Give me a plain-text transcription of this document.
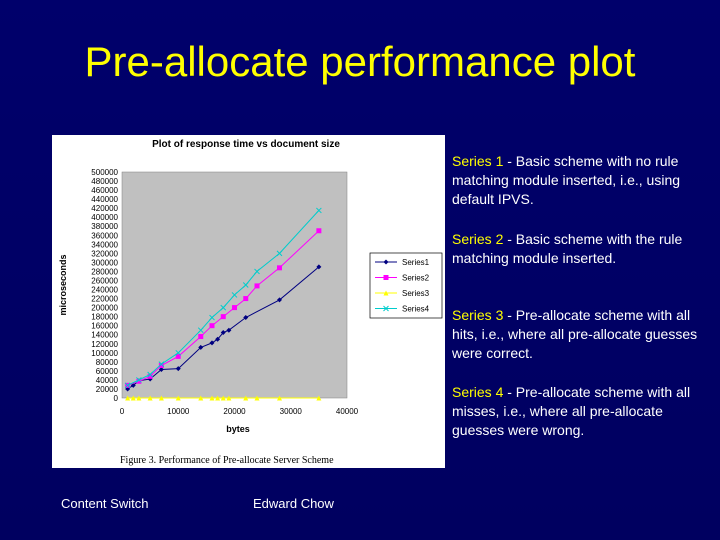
Pre-allocate performance plot
Plot of response time vs document size
0
20000
40000
60000
80000
100000
120000
140000
160000
180000
200000
220000
240000
260000
280000
300000
320000
340000
360000
380000
400000
420000
440000
460000
480000
500000
0	10000	20000	30000	40000
microseconds
bytes
Series1
Series2
Series3
Series4
Figure 3. Performance of Pre-allocate Server Scheme
Series 1 - Basic scheme with no rule matching module inserted, i.e., using default IPVS.
Series 2 - Basic scheme with the rule matching module inserted.
Series 3 - Pre-allocate scheme with all hits, i.e., where all pre-allocate guesses were correct.
Series 4 - Pre-allocate scheme with all misses, i.e., where all pre-allocate guesses were wrong.
Content Switch	Edward Chow
